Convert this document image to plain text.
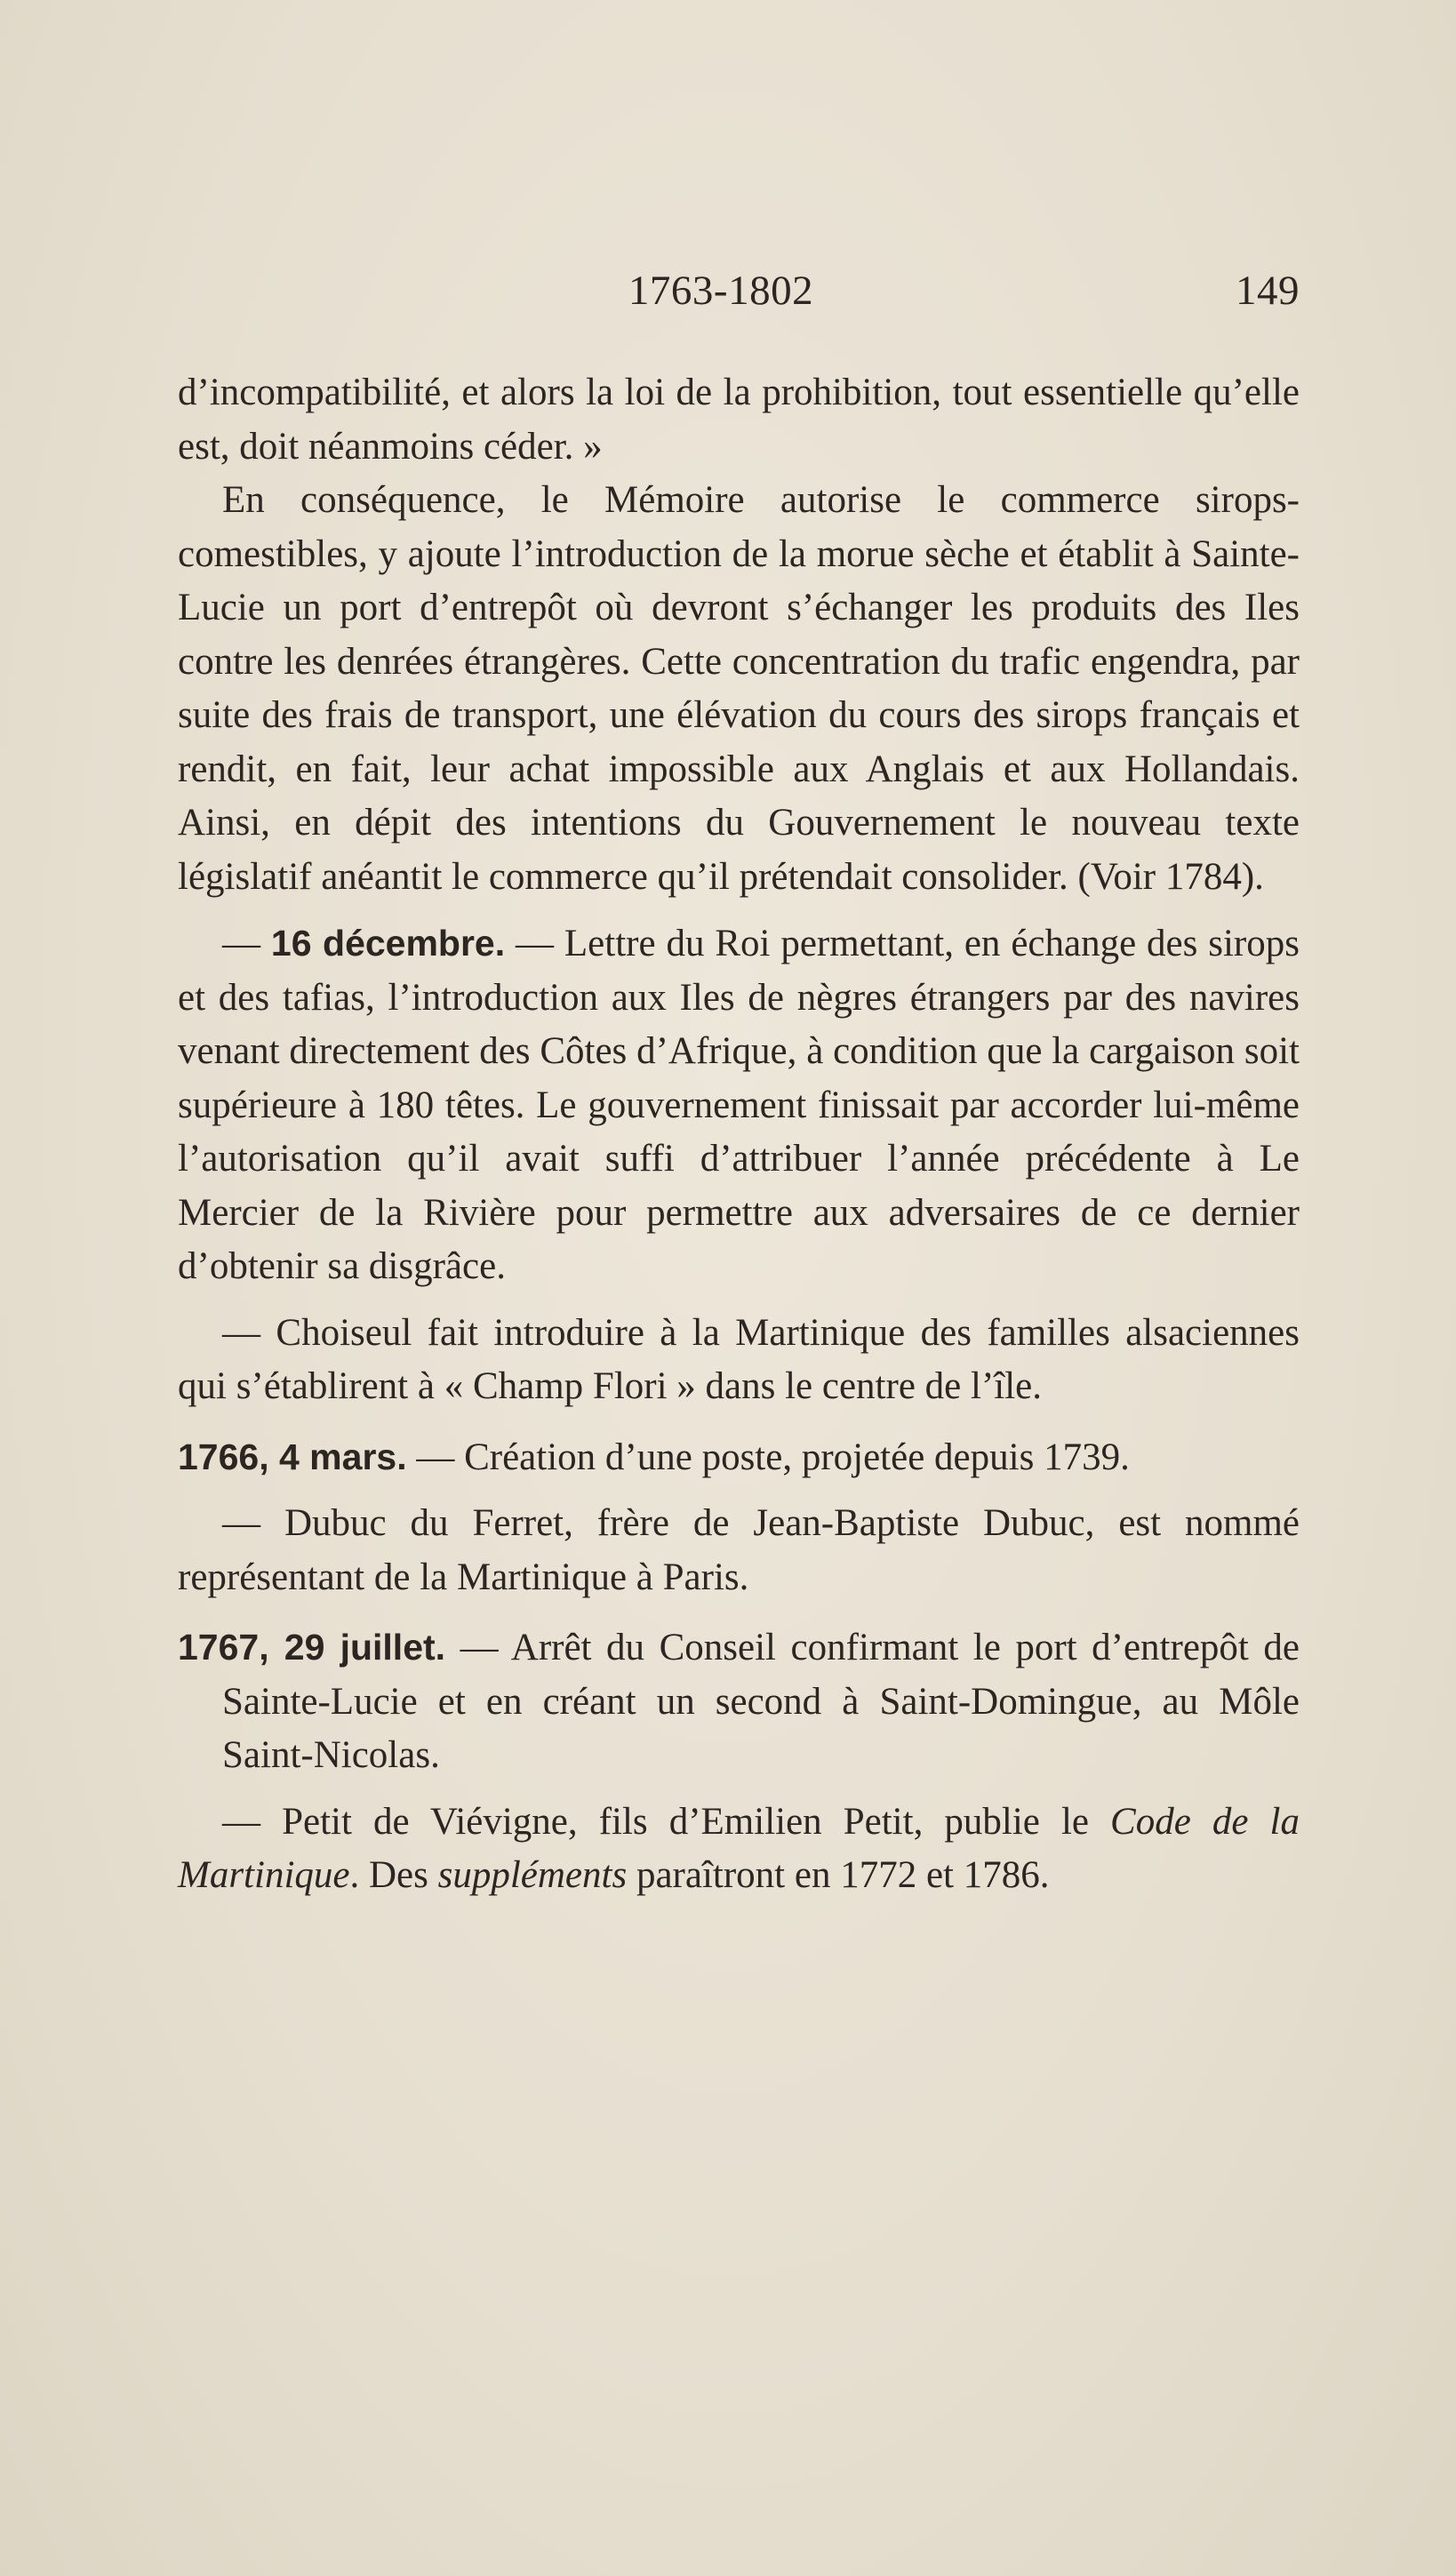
1763-1802	149

d’incompatibilité, et alors la loi de la prohibition, tout essentielle qu’elle est, doit néanmoins céder. »

En conséquence, le Mémoire autorise le commerce sirops-comestibles, y ajoute l’introduction de la morue sèche et établit à Sainte-Lucie un port d’entrepôt où devront s’échanger les produits des Iles contre les denrées étrangères. Cette concentration du trafic engendra, par suite des frais de transport, une élévation du cours des sirops français et rendit, en fait, leur achat impossible aux Anglais et aux Hollandais. Ainsi, en dépit des intentions du Gouvernement le nouveau texte législatif anéantit le commerce qu’il prétendait consolider. (Voir 1784).

— 16 décembre. — Lettre du Roi permettant, en échange des sirops et des tafias, l’introduction aux Iles de nègres étrangers par des navires venant directement des Côtes d’Afrique, à condition que la cargaison soit supérieure à 180 têtes. Le gouvernement finissait par accorder lui-même l’autorisation qu’il avait suffi d’attribuer l’année précédente à Le Mercier de la Rivière pour permettre aux adversaires de ce dernier d’obtenir sa disgrâce.

— Choiseul fait introduire à la Martinique des familles alsaciennes qui s’établirent à « Champ Flori » dans le centre de l’île.

1766, 4 mars. — Création d’une poste, projetée depuis 1739.

— Dubuc du Ferret, frère de Jean-Baptiste Dubuc, est nommé représentant de la Martinique à Paris.

1767, 29 juillet. — Arrêt du Conseil confirmant le port d’entrepôt de Sainte-Lucie et en créant un second à Saint-Domingue, au Môle Saint-Nicolas.

— Petit de Viévigne, fils d’Emilien Petit, publie le Code de la Martinique. Des suppléments paraîtront en 1772 et 1786.
